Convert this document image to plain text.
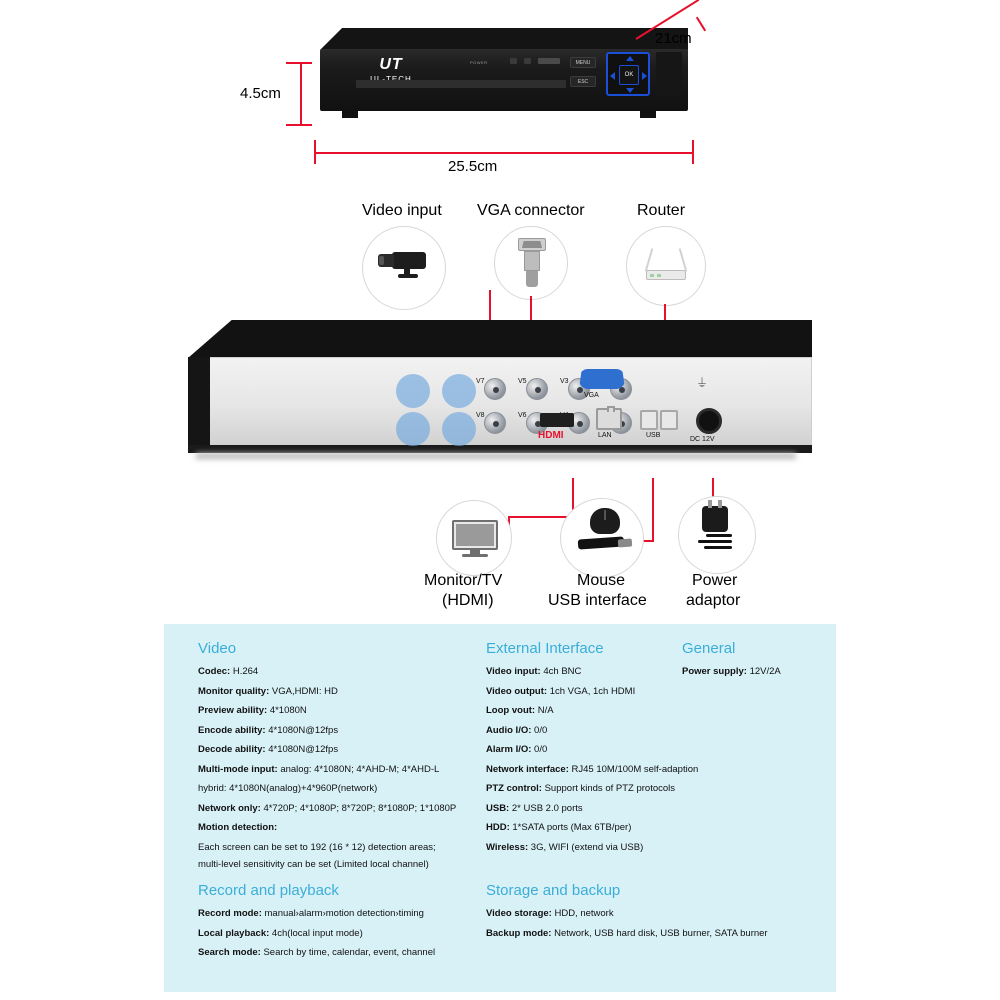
UT	POWER	MENU
ESC
OK
21cm
4.5cm
25.5cm
Video input VGA connector	Router
V7	V5	V3
V8	V6
VGA
HDMI	LAN	USB
DC 12V
⏚
Monitor/TV
(HDMI)
Mouse
USB interface
Power
adaptor
Video
Codec: H.264
Monitor quality: VGA,HDMI: HD
Preview ability: 4*1080N
Encode ability: 4*1080N@12fps
Decode ability: 4*1080N@12fps
Multi-mode input: analog: 4*1080N; 4*AHD-M; 4*AHD-L
hybrid: 4*1080N(analog)+4*960P(network)
Network only: 4*720P; 4*1080P; 8*720P; 8*1080P; 1*1080P
Motion detection:
Each screen can be set to 192 (16 * 12) detection areas;
multi-level sensitivity can be set (Limited local channel)
External Interface
Video input: 4ch BNC
Video output: 1ch VGA, 1ch HDMI
Loop vout: N/A
Audio I/O: 0/0
Alarm I/O: 0/0
Network interface: RJ45 10M/100M self-adaption
PTZ control: Support kinds of PTZ protocols
USB: 2* USB 2.0 ports
HDD: 1*SATA ports (Max 6TB/per)
Wireless: 3G, WIFI (extend via USB)
General
Power supply: 12V/2A
Record and playback
Record mode: manual›alarm›motion detection›timing
Local playback: 4ch(local input mode)
Search mode: Search by time, calendar, event, channel
Storage and backup
Video storage: HDD, network
Backup mode: Network, USB hard disk, USB burner, SATA burner
